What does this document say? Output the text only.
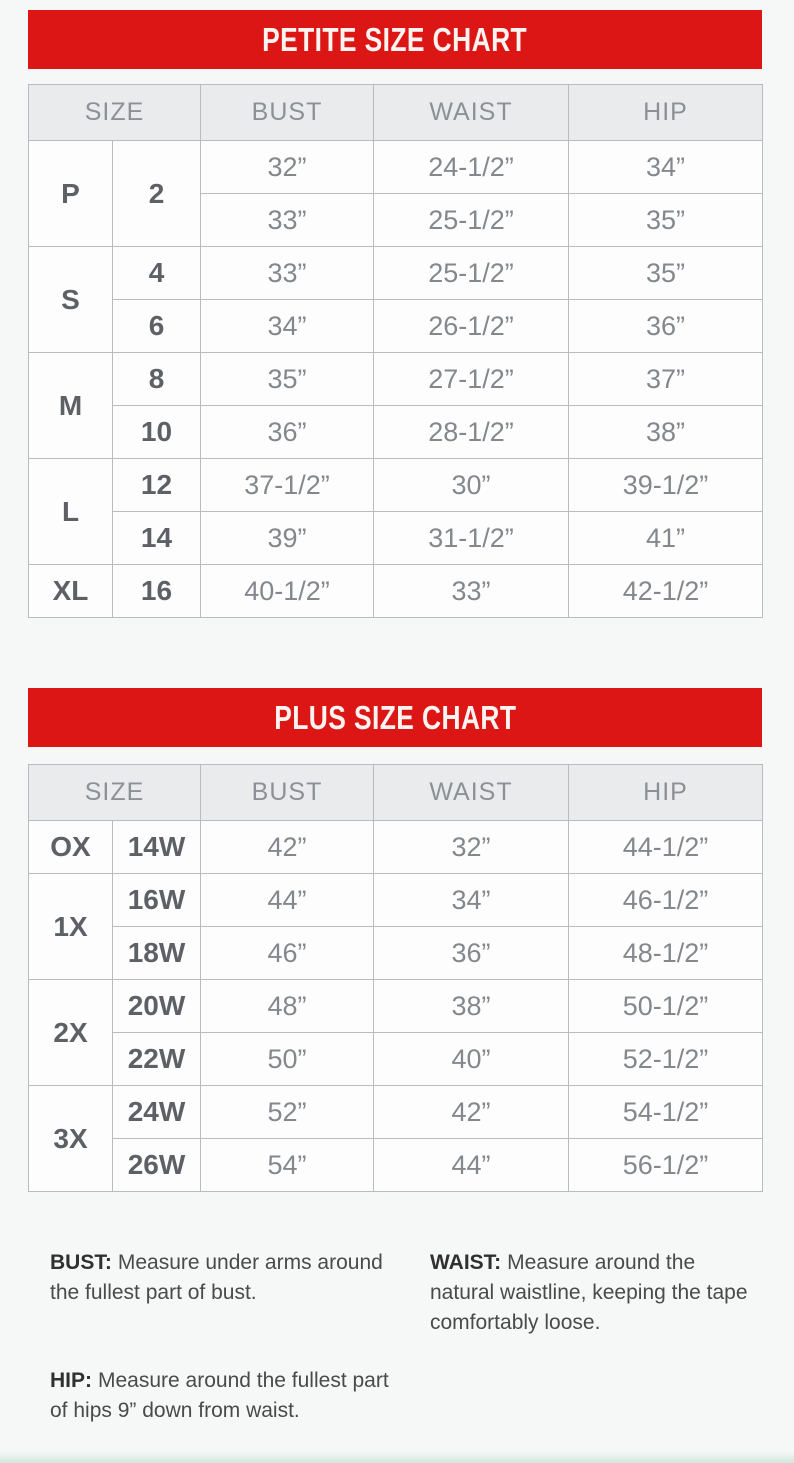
PETITE SIZE CHART
SIZE		BUST	WAIST	HIP
P	2	32”	24-1/2”	34”
		33”	25-1/2”	35”
S	4	33”	25-1/2”	35”
	6	34”	26-1/2”	36”
M	8	35”	27-1/2”	37”
	10	36”	28-1/2”	38”
L	12	37-1/2”	30”	39-1/2”
	14	39”	31-1/2”	41”
XL	16	40-1/2”	33”	42-1/2”
PLUS SIZE CHART
SIZE		BUST	WAIST	HIP
OX	14W	42”	32”	44-1/2”
1X	16W	44”	34”	46-1/2”
	18W	46”	36”	48-1/2”
2X	20W	48”	38”	50-1/2”
	22W	50”	40”	52-1/2”
3X	24W	52”	42”	54-1/2”
	26W	54”	44”	56-1/2”
BUST: Measure under arms around the fullest part of bust.
WAIST: Measure around the natural waistline, keeping the tape comfortably loose.
HIP: Measure around the fullest part of hips 9” down from waist.
